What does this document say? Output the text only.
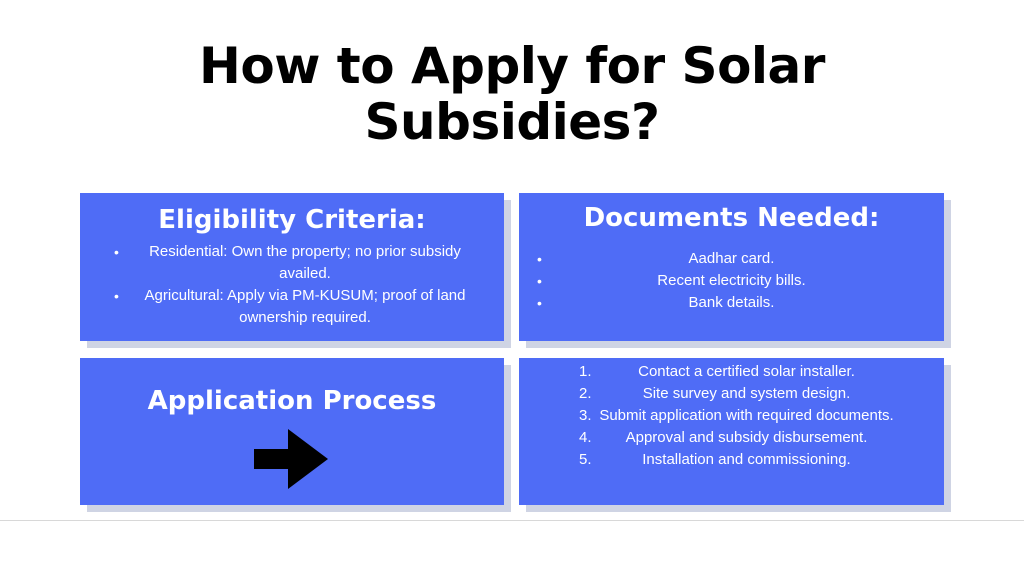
How to Apply for Solar
Subsidies?
Eligibility Criteria:
• Residential: Own the property; no prior subsidy availed.
• Agricultural: Apply via PM-KUSUM; proof of land ownership required.
Documents Needed:
•	Aadhar card.
•	Recent electricity bills.
•	Bank details.
Application Process
1.	Contact a certified solar installer.
2.	Site survey and system design.
3. Submit application with required documents.
4. Approval and subsidy disbursement.
5.	Installation and commissioning.
